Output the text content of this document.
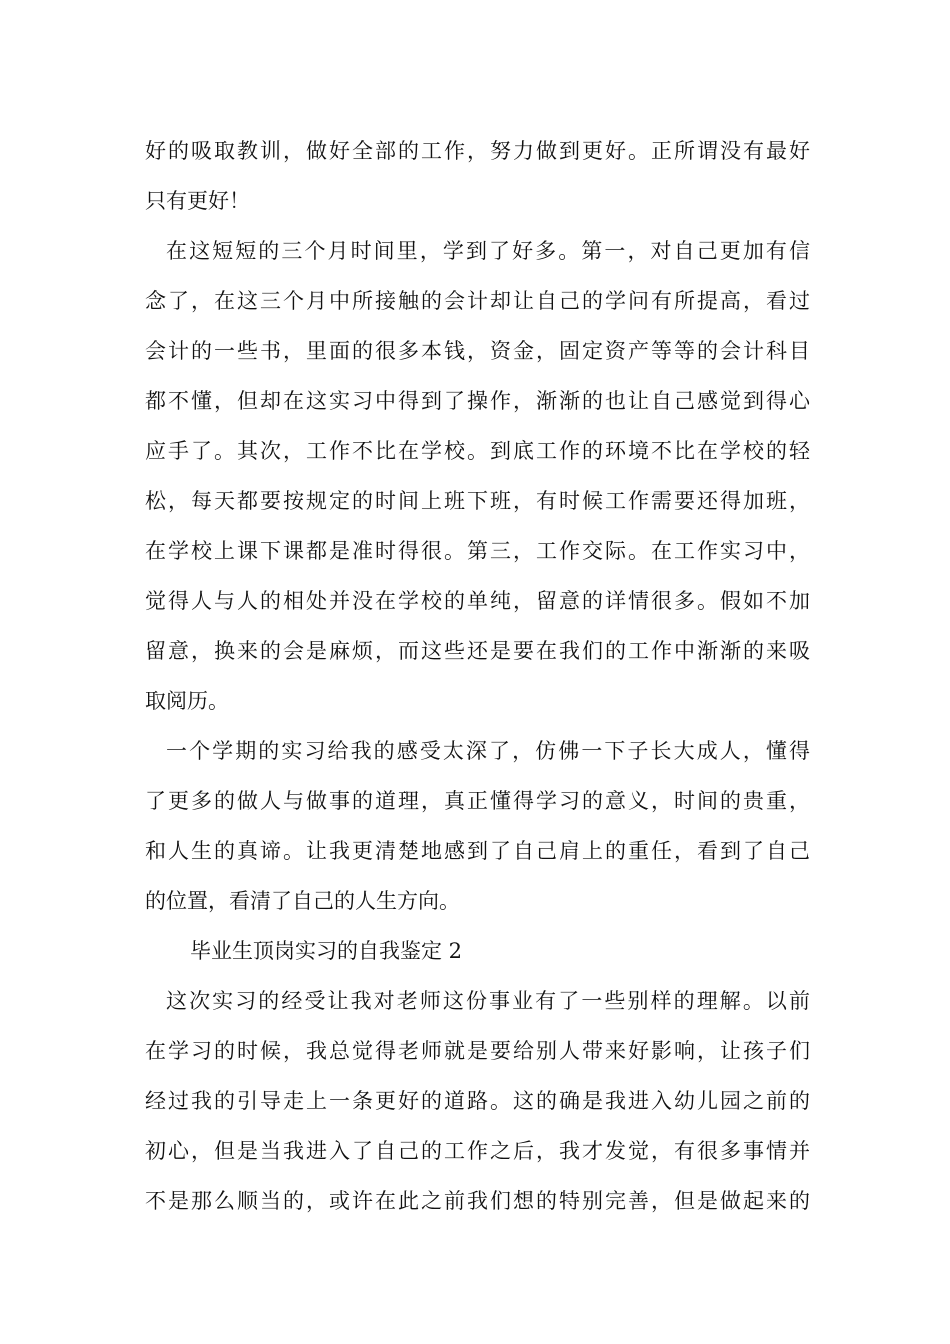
好的吸取教训，做好全部的工作，努力做到更好。正所谓没有最好

只有更好！

在这短短的三个月时间里，学到了好多。第一，对自己更加有信

念了，在这三个月中所接触的会计却让自己的学问有所提高，看过

会计的一些书，里面的很多本钱，资金，固定资产等等的会计科目

都不懂，但却在这实习中得到了操作，渐渐的也让自己感觉到得心

应手了。其次，工作不比在学校。到底工作的环境不比在学校的轻

松，每天都要按规定的时间上班下班，有时候工作需要还得加班，

在学校上课下课都是准时得很。第三，工作交际。在工作实习中，

觉得人与人的相处并没在学校的单纯，留意的详情很多。假如不加

留意，换来的会是麻烦，而这些还是要在我们的工作中渐渐的来吸

取阅历。

一个学期的实习给我的感受太深了，仿佛一下子长大成人，懂得

了更多的做人与做事的道理，真正懂得学习的意义，时间的贵重，

和人生的真谛。让我更清楚地感到了自己肩上的重任，看到了自己

的位置，看清了自己的人生方向。

毕业生顶岗实习的自我鉴定 2

这次实习的经受让我对老师这份事业有了一些别样的理解。以前

在学习的时候，我总觉得老师就是要给别人带来好影响，让孩子们

经过我的引导走上一条更好的道路。这的确是我进入幼儿园之前的

初心，但是当我进入了自己的工作之后，我才发觉，有很多事情并

不是那么顺当的，或许在此之前我们想的特别完善，但是做起来的
